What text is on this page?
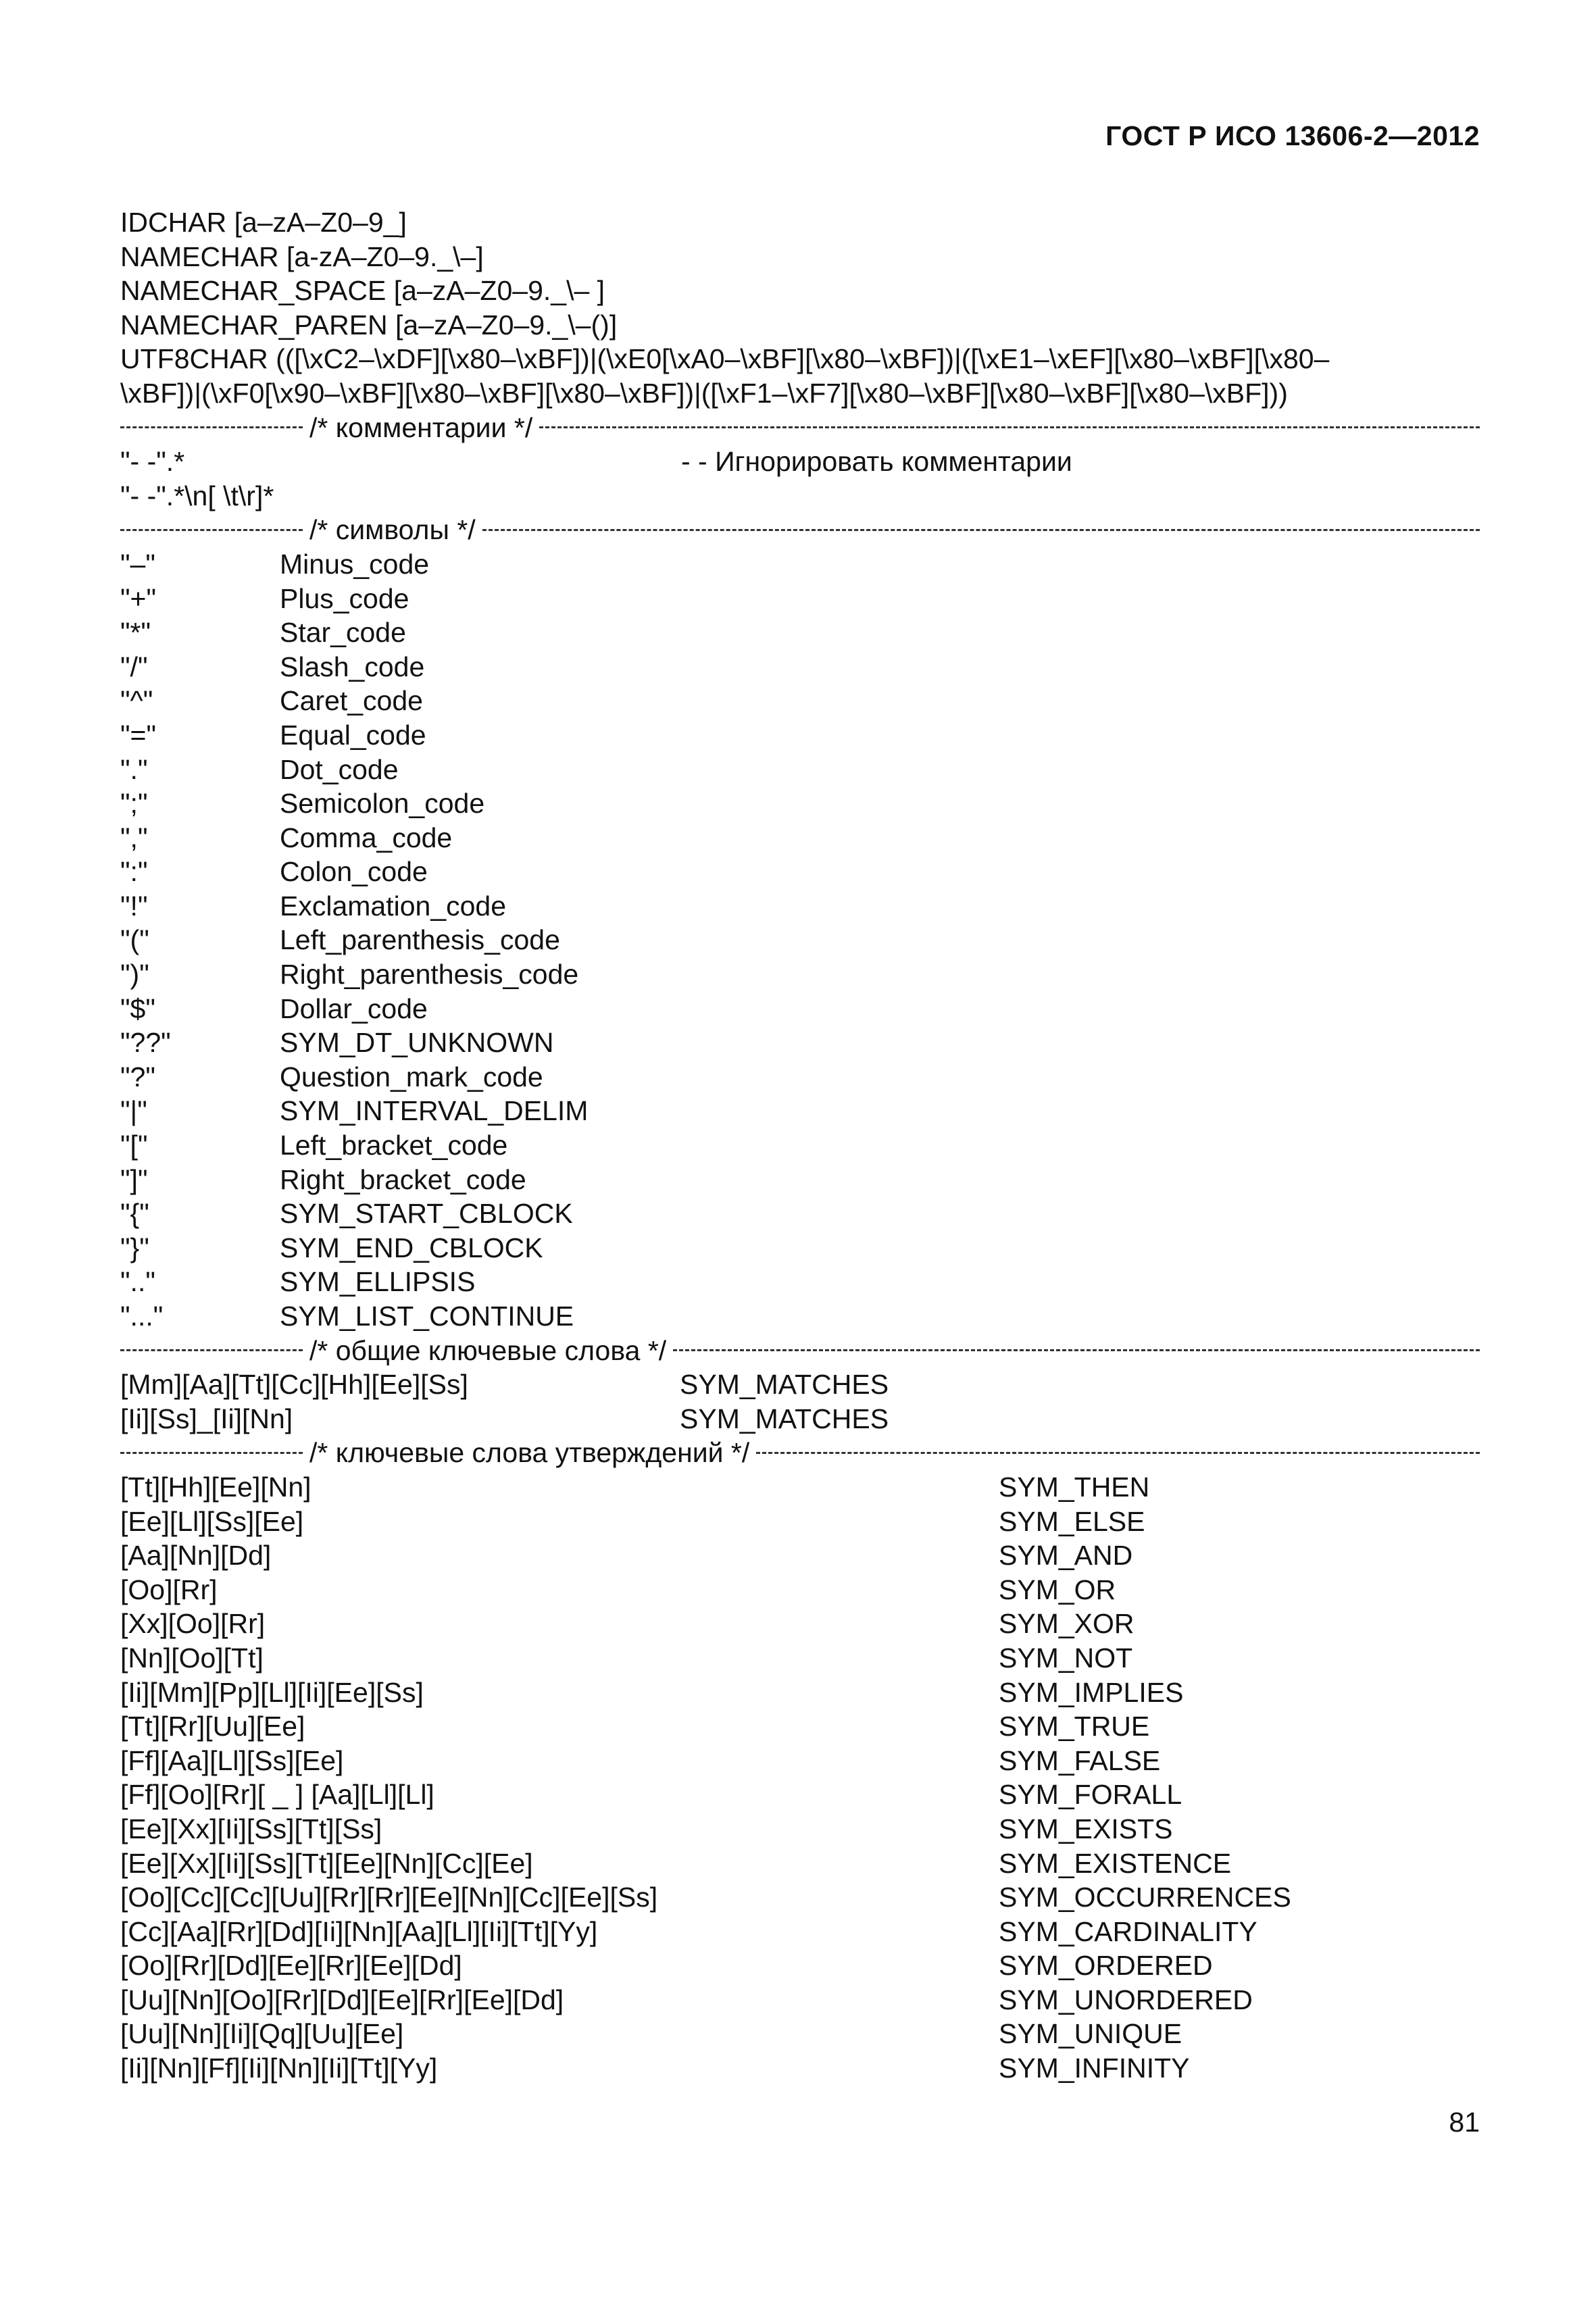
ГОСТ Р ИСО 13606-2—2012
IDCHAR [a–zA–Z0–9_]
NAMECHAR [a-zA–Z0–9._\–]
NAMECHAR_SPACE [a–zA–Z0–9._\– ]
NAMECHAR_PAREN [a–zA–Z0–9._\–()]
UTF8CHAR (([\xC2–\xDF][\x80–\xBF])|(\xE0[\xA0–\xBF][\x80–\xBF])|([\xE1–\xEF][\x80–\xBF][\x80–
\xBF])|(\xF0[\x90–\xBF][\x80–\xBF][\x80–\xBF])|([\xF1–\xF7][\x80–\xBF][\x80–\xBF][\x80–\xBF]))
/* комментарии */
"- -".*	- - Игнорировать комментарии
"- -".*\n[ \t\r]*
/* символы */
"–"	Minus_code
"+"	Plus_code
"*"	Star_code
"/"	Slash_code
"^"	Caret_code
"="	Equal_code
"."	Dot_code
";"	Semicolon_code
","	Comma_code
":"	Colon_code
"!"	Exclamation_code
"("	Left_parenthesis_code
")"	Right_parenthesis_code
"$"	Dollar_code
"??"	SYM_DT_UNKNOWN
"?"	Question_mark_code
"|"	SYM_INTERVAL_DELIM
"["	Left_bracket_code
"]"	Right_bracket_code
"{"	SYM_START_CBLOCK
"}"	SYM_END_CBLOCK
".."	SYM_ELLIPSIS
"..."	SYM_LIST_CONTINUE
/* общие ключевые слова */
[Mm][Aa][Tt][Cc][Hh][Ee][Ss]	SYM_MATCHES
[Ii][Ss]_[Ii][Nn]	SYM_MATCHES
/* ключевые слова утверждений */
[Tt][Hh][Ee][Nn]	SYM_THEN
[Ee][Ll][Ss][Ee]	SYM_ELSE
[Aa][Nn][Dd]	SYM_AND
[Oo][Rr]	SYM_OR
[Xx][Oo][Rr]	SYM_XOR
[Nn][Oo][Tt]	SYM_NOT
[Ii][Mm][Pp][Ll][Ii][Ee][Ss]	SYM_IMPLIES
[Tt][Rr][Uu][Ee]	SYM_TRUE
[Ff][Aa][Ll][Ss][Ee]	SYM_FALSE
[Ff][Oo][Rr][ _ ] [Aa][Ll][Ll]	SYM_FORALL
[Ee][Xx][Ii][Ss][Tt][Ss]	SYM_EXISTS
[Ee][Xx][Ii][Ss][Tt][Ee][Nn][Cc][Ee]	SYM_EXISTENCE
[Oo][Cc][Cc][Uu][Rr][Rr][Ee][Nn][Cc][Ee][Ss]	SYM_OCCURRENCES
[Cc][Aa][Rr][Dd][Ii][Nn][Aa][Ll][Ii][Tt][Yy]	SYM_CARDINALITY
[Oo][Rr][Dd][Ee][Rr][Ee][Dd]	SYM_ORDERED
[Uu][Nn][Oo][Rr][Dd][Ee][Rr][Ee][Dd]	SYM_UNORDERED
[Uu][Nn][Ii][Qq][Uu][Ee]	SYM_UNIQUE
[Ii][Nn][Ff][Ii][Nn][Ii][Tt][Yy]	SYM_INFINITY
81
